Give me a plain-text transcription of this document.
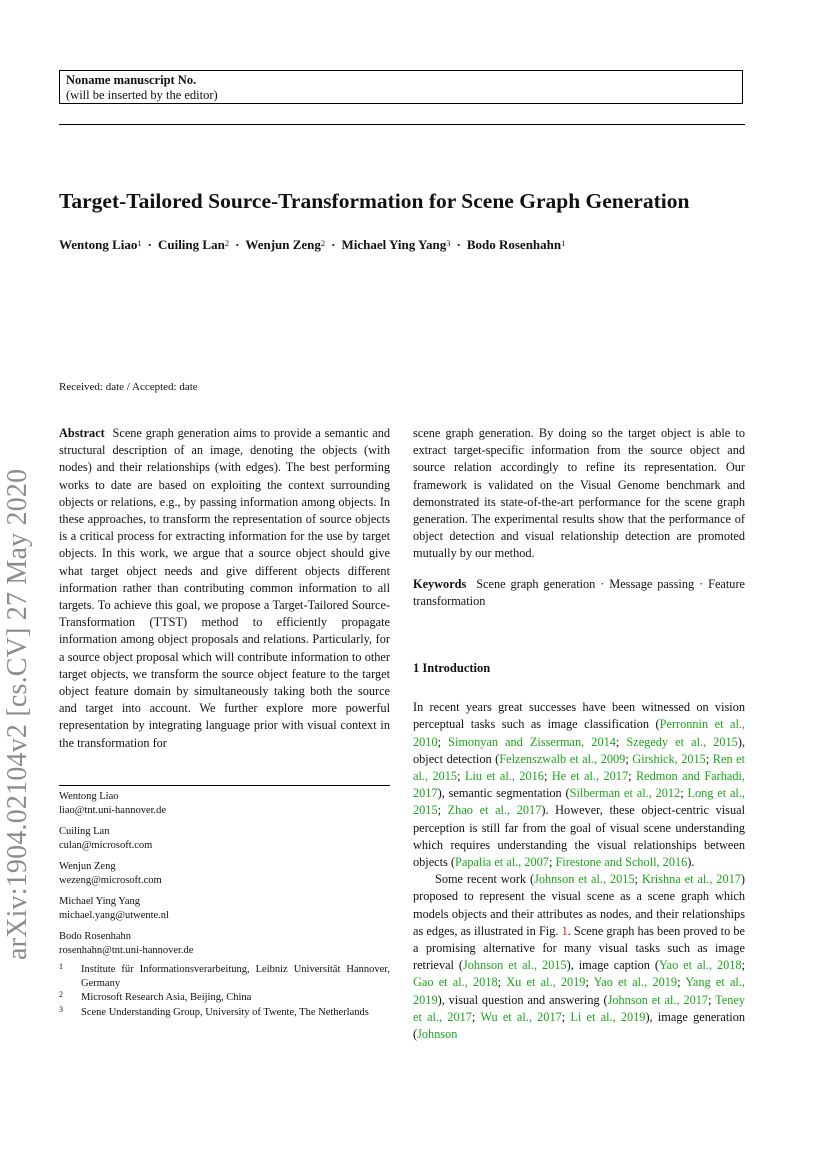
Noname manuscript No.
(will be inserted by the editor)
Target-Tailored Source-Transformation for Scene Graph Generation
Wentong Liao$^1$ · Cuiling Lan$^2$ · Wenjun Zeng$^2$ · Michael Ying Yang$^3$ · Bodo Rosenhahn$^1$
arXiv:1904.02104v2 [cs.CV] 27 May 2020
Received: date / Accepted: date

Abstract Scene graph generation aims to provide a semantic and structural description of an image, denoting the objects (with nodes) and their relationships (with edges). The best performing works to date are based on exploiting the context surrounding objects or relations, e.g., by passing information among objects. In these approaches, to transform the representation of source objects is a critical process for extracting information for the use by target objects. In this work, we argue that a source object should give what target object needs and give different objects different information rather than contributing common information to all targets. To achieve this goal, we propose a Target-Tailored Source-Transformation (TTST) method to efficiently propagate information among object proposals and relations. Particularly, for a source object proposal which will contribute information to other target objects, we transform the source object feature to the target object feature domain by simultaneously taking both the source and target into account. We further explore more powerful representation by integrating language prior with visual context in the transformation for

Wentong Liao
liao@tnt.uni-hannover.de
Cuiling Lan
culan@microsoft.com
Wenjun Zeng
wezeng@microsoft.com
Michael Ying Yang
michael.yang@utwente.nl
Bodo Rosenhahn
rosenhahn@tnt.uni-hannover.de
1 Institute für Informationsverarbeitung, Leibniz Universität Hannover, Germany
2 Microsoft Research Asia, Beijing, China
3 Scene Understanding Group, University of Twente, The Netherlands

scene graph generation. By doing so the target object is able to extract target-specific information from the source object and source relation accordingly to refine its representation. Our framework is validated on the Visual Genome benchmark and demonstrated its state-of-the-art performance for the scene graph generation. The experimental results show that the performance of object detection and visual relationship detection are promoted mutually by our method.

Keywords Scene graph generation · Message passing · Feature transformation

1 Introduction

In recent years great successes have been witnessed on vision perceptual tasks such as image classification (Perronnin et al., 2010; Simonyan and Zisserman, 2014; Szegedy et al., 2015), object detection (Felzenszwalb et al., 2009; Girshick, 2015; Ren et al., 2015; Liu et al., 2016; He et al., 2017; Redmon and Farhadi, 2017), semantic segmentation (Silberman et al., 2012; Long et al., 2015; Zhao et al., 2017). However, these object-centric visual perception is still far from the goal of visual scene understanding which requires understanding the visual relationships between objects (Papalia et al., 2007; Firestone and Scholl, 2016).

Some recent work (Johnson et al., 2015; Krishna et al., 2017) proposed to represent the visual scene as a scene graph which models objects and their attributes as nodes, and their relationships as edges, as illustrated in Fig. 1. Scene graph has been proved to be a promising alternative for many visual tasks such as image retrieval (Johnson et al., 2015), image caption (Yao et al., 2018; Gao et al., 2018; Xu et al., 2019; Yao et al., 2019; Yang et al., 2019), visual question and answering (Johnson et al., 2017; Teney et al., 2017; Wu et al., 2017; Li et al., 2019), image generation (Johnson
